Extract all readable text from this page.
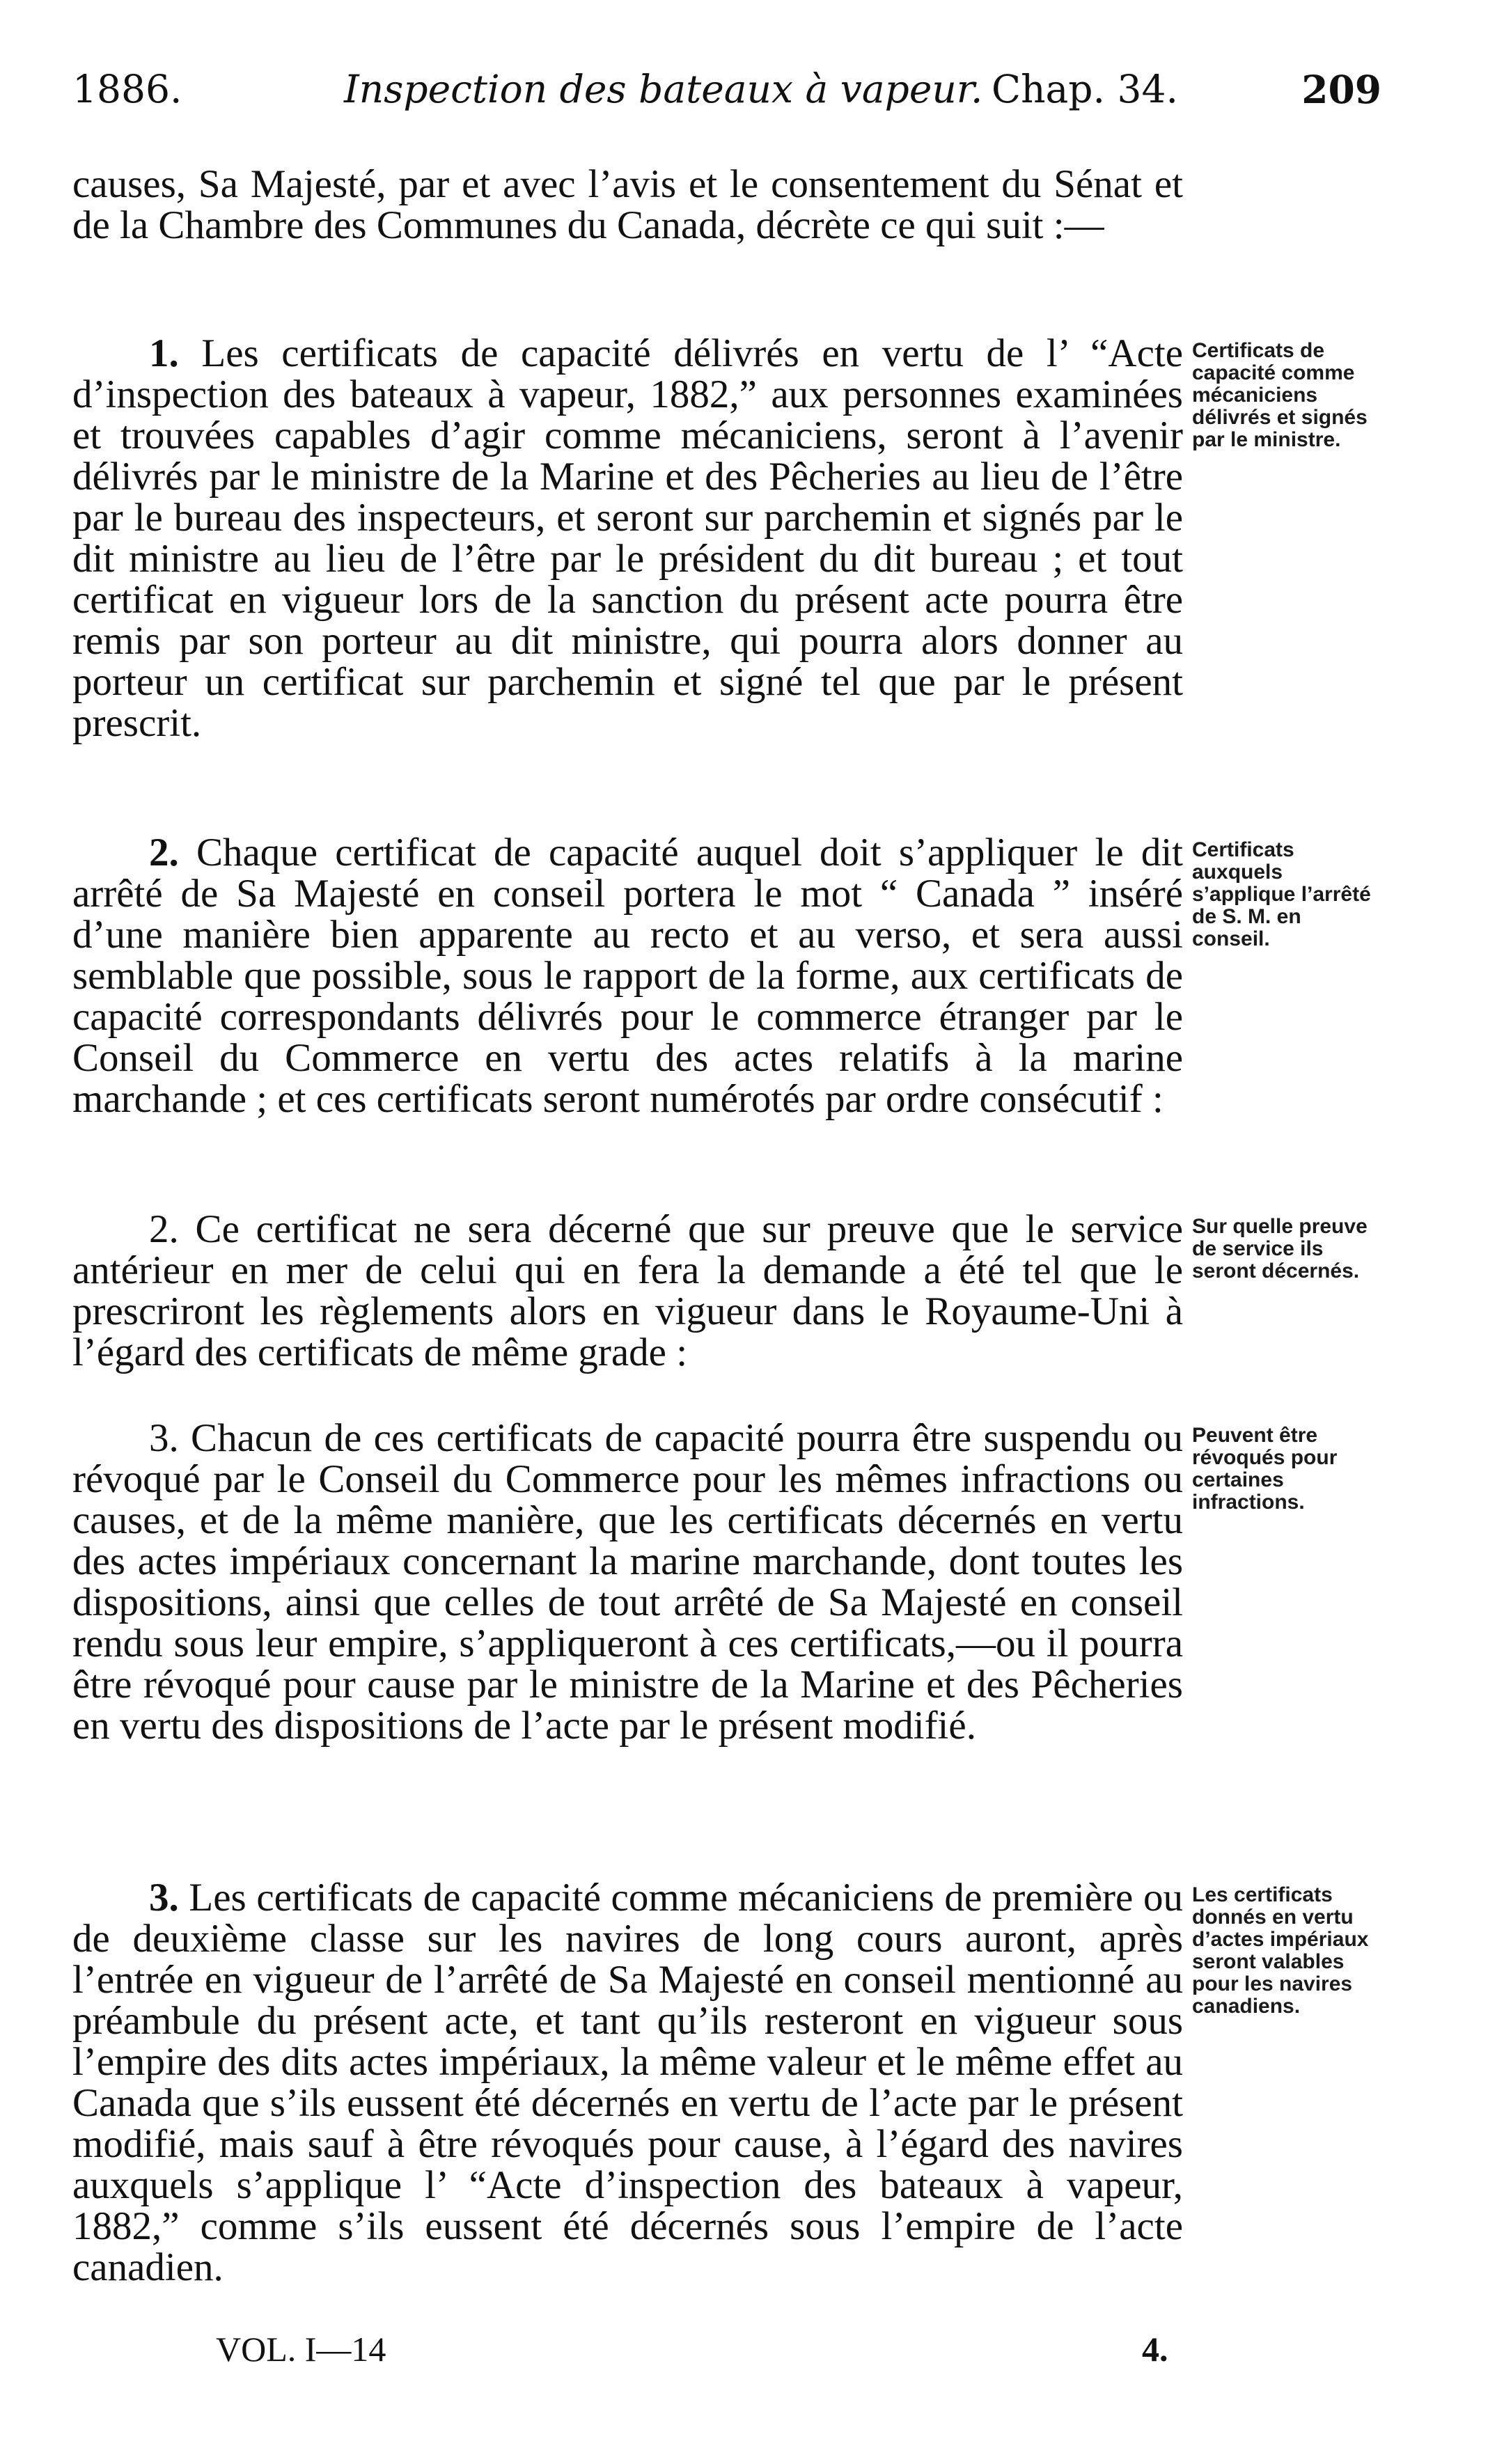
1886.	Inspection des bateaux à vapeur. Chap. 34.	209

causes, Sa Majesté, par et avec l’avis et le consentement du Sénat et de la Chambre des Communes du Canada, décrète ce qui suit :—

1. Les certificats de capacité délivrés en vertu de l’ “Acte d’inspection des bateaux à vapeur, 1882,” aux personnes examinées et trouvées capables d’agir comme mécaniciens, seront à l’avenir délivrés par le ministre de la Marine et des Pêcheries au lieu de l’être par le bureau des inspecteurs, et seront sur parchemin et signés par le dit ministre au lieu de l’être par le président du dit bureau ; et tout certificat en vigueur lors de la sanction du présent acte pourra être remis par son porteur au dit ministre, qui pourra alors donner au porteur un certificat sur parchemin et signé tel que par le présent prescrit.

Certificats de capacité comme mécaniciens délivrés et signés par le ministre.

2. Chaque certificat de capacité auquel doit s’appliquer le dit arrêté de Sa Majesté en conseil portera le mot “ Canada ” inséré d’une manière bien apparente au recto et au verso, et sera aussi semblable que possible, sous le rapport de la forme, aux certificats de capacité correspondants délivrés pour le commerce étranger par le Conseil du Commerce en vertu des actes relatifs à la marine marchande ; et ces certificats seront numérotés par ordre consécutif :

Certificats auxquels s’applique l’arrêté de S. M. en conseil.

2. Ce certificat ne sera décerné que sur preuve que le service antérieur en mer de celui qui en fera la demande a été tel que le prescriront les règlements alors en vigueur dans le Royaume-Uni à l’égard des certificats de même grade :

Sur quelle preuve de service ils seront décernés.

3. Chacun de ces certificats de capacité pourra être suspendu ou révoqué par le Conseil du Commerce pour les mêmes infractions ou causes, et de la même manière, que les certificats décernés en vertu des actes impériaux concernant la marine marchande, dont toutes les dispositions, ainsi que celles de tout arrêté de Sa Majesté en conseil rendu sous leur empire, s’appliqueront à ces certificats,—ou il pourra être révoqué pour cause par le ministre de la Marine et des Pêcheries en vertu des dispositions de l’acte par le présent modifié.

Peuvent être révoqués pour certaines infractions.

3. Les certificats de capacité comme mécaniciens de première ou de deuxième classe sur les navires de long cours auront, après l’entrée en vigueur de l’arrêté de Sa Majesté en conseil mentionné au préambule du présent acte, et tant qu’ils resteront en vigueur sous l’empire des dits actes impériaux, la même valeur et le même effet au Canada que s’ils eussent été décernés en vertu de l’acte par le présent modifié, mais sauf à être révoqués pour cause, à l’égard des navires auxquels s’applique l’ “Acte d’inspection des bateaux à vapeur, 1882,” comme s’ils eussent été décernés sous l’empire de l’acte canadien.

Les certificats donnés en vertu d’actes impériaux seront valables pour les navires canadiens.
VOL. I—14	4.
